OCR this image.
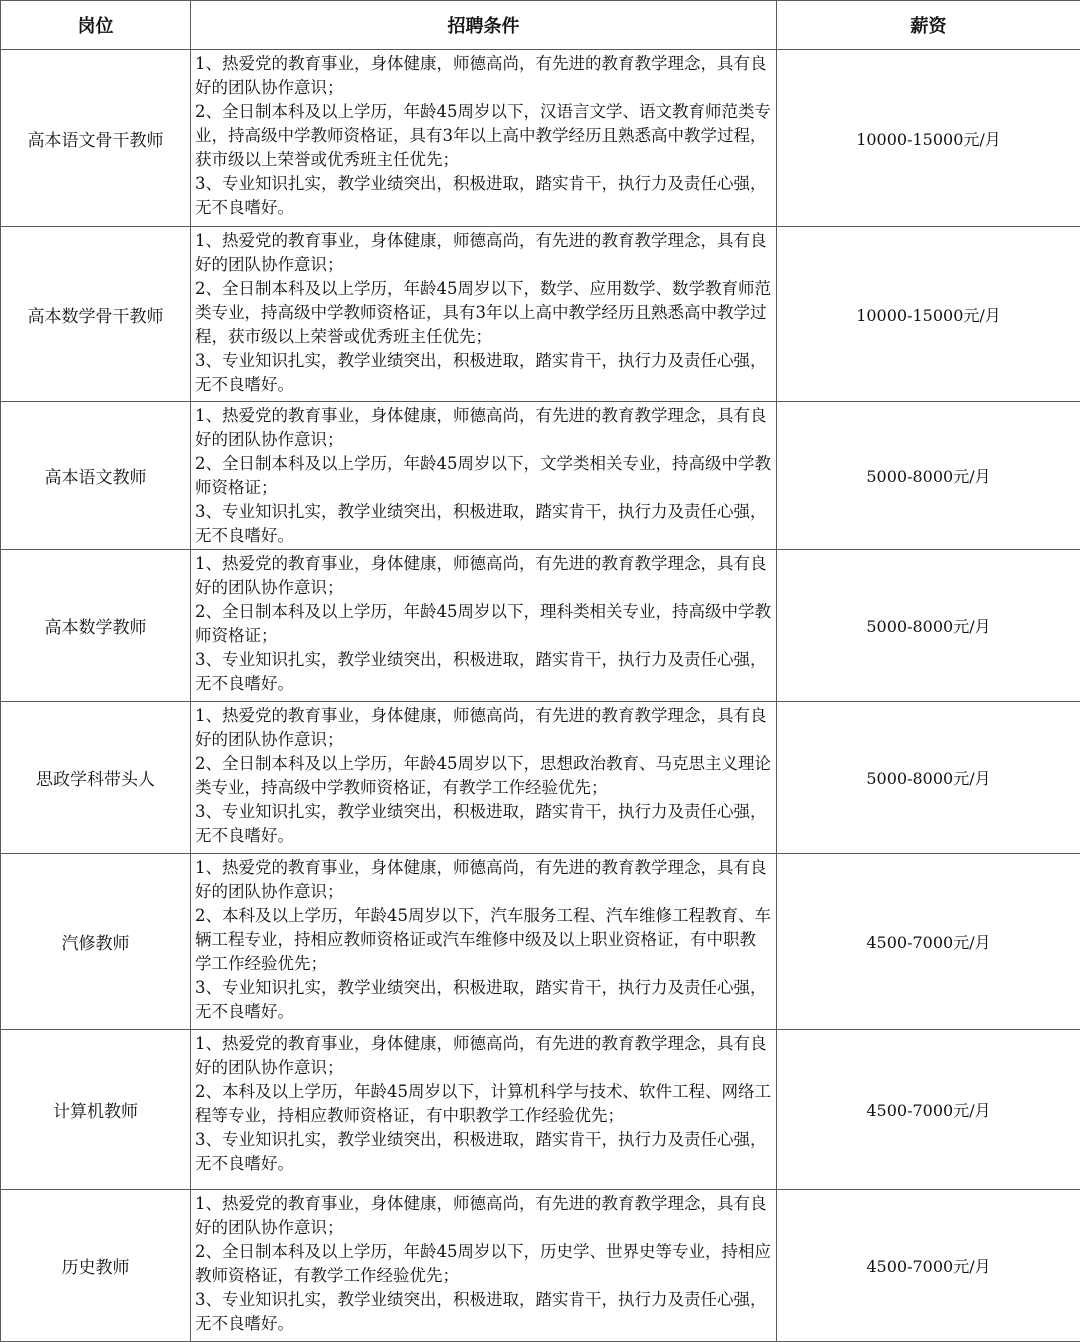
岗位	招聘条件	薪资
高本语文骨干教师	1、热爱党的教育事业，身体健康，师德高尚，有先进的教育教学理念，具有良好的团队协作意识；
2、全日制本科及以上学历，年龄45周岁以下，汉语言文学、语文教育师范类专业，持高级中学教师资格证，具有3年以上高中教学经历且熟悉高中教学过程，获市级以上荣誉或优秀班主任优先；
3、专业知识扎实，教学业绩突出，积极进取，踏实肯干，执行力及责任心强，无不良嗜好。	10000-15000元/月
高本数学骨干教师	1、热爱党的教育事业，身体健康，师德高尚，有先进的教育教学理念，具有良好的团队协作意识；
2、全日制本科及以上学历，年龄45周岁以下，数学、应用数学、数学教育师范类专业，持高级中学教师资格证，具有3年以上高中教学经历且熟悉高中教学过程，获市级以上荣誉或优秀班主任优先；
3、专业知识扎实，教学业绩突出，积极进取，踏实肯干，执行力及责任心强，无不良嗜好。	10000-15000元/月
高本语文教师	1、热爱党的教育事业，身体健康，师德高尚，有先进的教育教学理念，具有良好的团队协作意识；
2、全日制本科及以上学历，年龄45周岁以下，文学类相关专业，持高级中学教师资格证；
3、专业知识扎实，教学业绩突出，积极进取，踏实肯干，执行力及责任心强，无不良嗜好。	5000-8000元/月
高本数学教师	1、热爱党的教育事业，身体健康，师德高尚，有先进的教育教学理念，具有良好的团队协作意识；
2、全日制本科及以上学历，年龄45周岁以下，理科类相关专业，持高级中学教师资格证；
3、专业知识扎实，教学业绩突出，积极进取，踏实肯干，执行力及责任心强，无不良嗜好。	5000-8000元/月
思政学科带头人	1、热爱党的教育事业，身体健康，师德高尚，有先进的教育教学理念，具有良好的团队协作意识；
2、全日制本科及以上学历，年龄45周岁以下，思想政治教育、马克思主义理论类专业，持高级中学教师资格证，有教学工作经验优先；
3、专业知识扎实，教学业绩突出，积极进取，踏实肯干，执行力及责任心强，无不良嗜好。	5000-8000元/月
汽修教师	1、热爱党的教育事业，身体健康，师德高尚，有先进的教育教学理念，具有良好的团队协作意识；
2、本科及以上学历，年龄45周岁以下，汽车服务工程、汽车维修工程教育、车辆工程专业，持相应教师资格证或汽车维修中级及以上职业资格证，有中职教学工作经验优先；
3、专业知识扎实，教学业绩突出，积极进取，踏实肯干，执行力及责任心强，无不良嗜好。	4500-7000元/月
计算机教师	1、热爱党的教育事业，身体健康，师德高尚，有先进的教育教学理念，具有良好的团队协作意识；
2、本科及以上学历，年龄45周岁以下，计算机科学与技术、软件工程、网络工程等专业，持相应教师资格证，有中职教学工作经验优先；
3、专业知识扎实，教学业绩突出，积极进取，踏实肯干，执行力及责任心强，无不良嗜好。	4500-7000元/月
历史教师	1、热爱党的教育事业，身体健康，师德高尚，有先进的教育教学理念，具有良好的团队协作意识；
2、全日制本科及以上学历，年龄45周岁以下，历史学、世界史等专业，持相应教师资格证，有教学工作经验优先；
3、专业知识扎实，教学业绩突出，积极进取，踏实肯干，执行力及责任心强，无不良嗜好。	4500-7000元/月
